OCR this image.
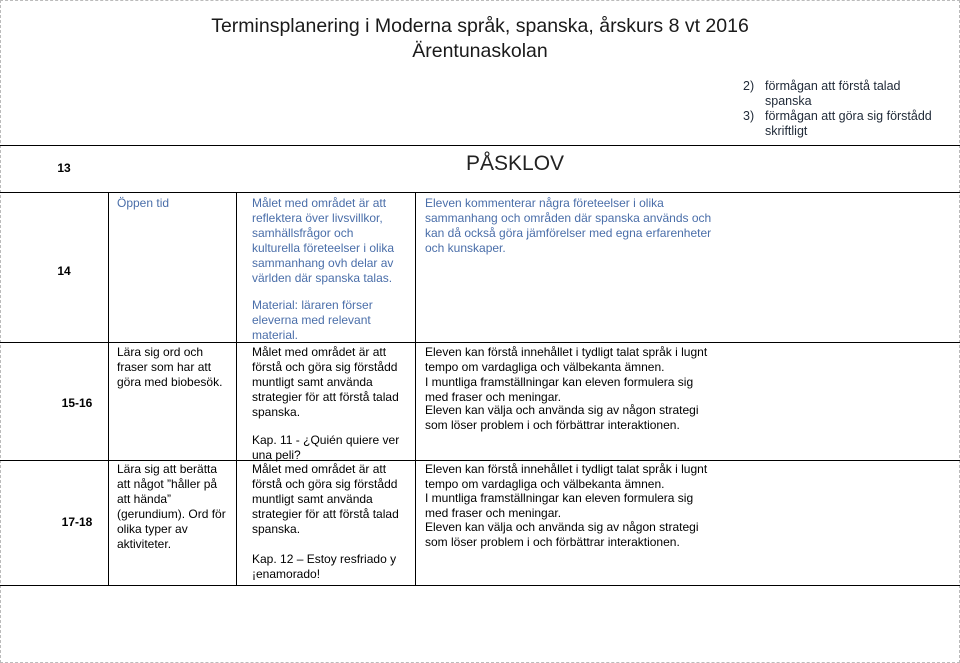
Terminsplanering i Moderna språk, spanska, årskurs 8 vt 2016
Ärentunaskolan
2) förmågan att förstå talad spanska
3) förmågan att göra sig förstådd skriftligt
13	PÅSKLOV
14
Öppen tid	Målet med området är att reflektera över livsvillkor, samhällsfrågor och kulturella företeelser i olika sammanhang ovh delar av världen där spanska talas.
Eleven kommenterar några företeelser i olika sammanhang och områden där spanska används och kan då också göra jämförelser med egna erfarenheter och kunskaper.
Material: läraren förser eleverna med relevant material.
15-16
Lära sig ord och fraser som har att göra med biobesök.
Målet med området är att förstå och göra sig förstådd muntligt samt använda strategier för att förstå talad spanska.
Kap. 11 - ¿Quién quiere ver una peli?
Eleven kan förstå innehållet i tydligt talat språk i lugnt tempo om vardagliga och välbekanta ämnen.
I muntliga framställningar kan eleven formulera sig med fraser och meningar.
Eleven kan välja och använda sig av någon strategi som löser problem i och förbättrar interaktionen.
17-18
Lära sig att berätta att något ”håller på att hända” (gerundium). Ord för olika typer av aktiviteter.
Målet med området är att förstå och göra sig förstådd muntligt samt använda strategier för att förstå talad spanska.
Kap. 12 – Estoy resfriado y ¡enamorado!
Eleven kan förstå innehållet i tydligt talat språk i lugnt tempo om vardagliga och välbekanta ämnen.
I muntliga framställningar kan eleven formulera sig med fraser och meningar.
Eleven kan välja och använda sig av någon strategi som löser problem i och förbättrar interaktionen.
